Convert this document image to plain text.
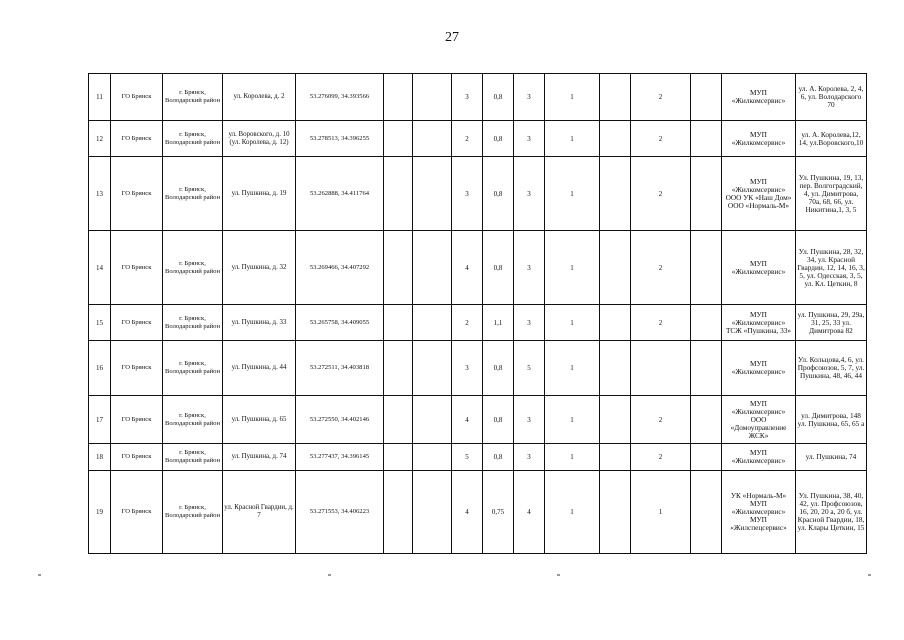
27
11	ГО Брянск	г. Брянск, Володарский район	ул. Королева, д. 2	53.276099, 34.393566			3	0,8	3	1		2		МУП «Жилкомсервис»	ул. А. Королева, 2, 4, 6, ул. Володарского 70
12	ГО Брянск	г. Брянск, Володарский район	ул. Воровского, д. 10 (ул. Королева, д. 12)	53.278513, 34.396255			2	0,8	3	1		2		МУП «Жилкомсервис»	ул. А. Королева,12, 14, ул.Воровского,10
13	ГО Брянск	г. Брянск, Володарский район	ул. Пушкина, д. 19	53.262888, 34.411764			3	0,8	3	1		2		МУП «Жилкомсервис» ООО УК «Наш Дом» ООО «Нормаль-М»	Ул. Пушкина, 19, 13, пер. Волгоградский, 4, ул. Димитрова, 70а, 68, 66, ул. Никитина,1, 3, 5
14	ГО Брянск	г. Брянск, Володарский район	ул. Пушкина, д. 32	53.269466, 34.407292			4	0,8	3	1		2		МУП «Жилкомсервис»	Ул. Пушкина, 28, 32, 34, ул. Красной Гвардии, 12, 14, 16, 3, 5, ул. Одесская, 3, 5, ул. Кл. Цеткин, 8
15	ГО Брянск	г. Брянск, Володарский район	ул. Пушкина, д. 33	53.265758, 34.409055			2	1,1	3	1		2		МУП «Жилкомсервис» ТСЖ «Пушкина, 33»	ул. Пушкина, 29, 29а, 31, 25, 33 ул. Димитрова 82
16	ГО Брянск	г. Брянск, Володарский район	ул. Пушкина, д. 44	53.272511, 34.403818			3	0,8	5	1				МУП «Жилкомсервис»	Ул. Кольцова,4, 6, ул. Профсоюзов, 5, 7, ул. Пушкина, 48, 46, 44
17	ГО Брянск	г. Брянск, Володарский район	ул. Пушкина, д. 65	53.272550, 34.402146			4	0,8	3	1		2		МУП «Жилкомсервис» ООО «Домоуправление ЖСК»	ул. Димитрова, 148 ул. Пушкина, 65, 65 а
18	ГО Брянск	г. Брянск, Володарский район	ул. Пушкина, д. 74	53.277437, 34.396145			5	0,8	3	1		2		МУП «Жилкомсервис»	ул. Пушкина, 74
19	ГО Брянск	г. Брянск, Володарский район	ул. Красной Гвардии, д. 7	53.271553, 34.406223			4	0,75	4	1		1		УК «Нормаль-М» МУП «Жилкомсервис» МУП «Жилспецсервис»	Ул. Пушкина, 38, 40, 42, ул. Профсоюзов, 16, 20, 20 а, 20 б, ул. Красной Гвардии, 18, ул. Клары Цеткин, 15
